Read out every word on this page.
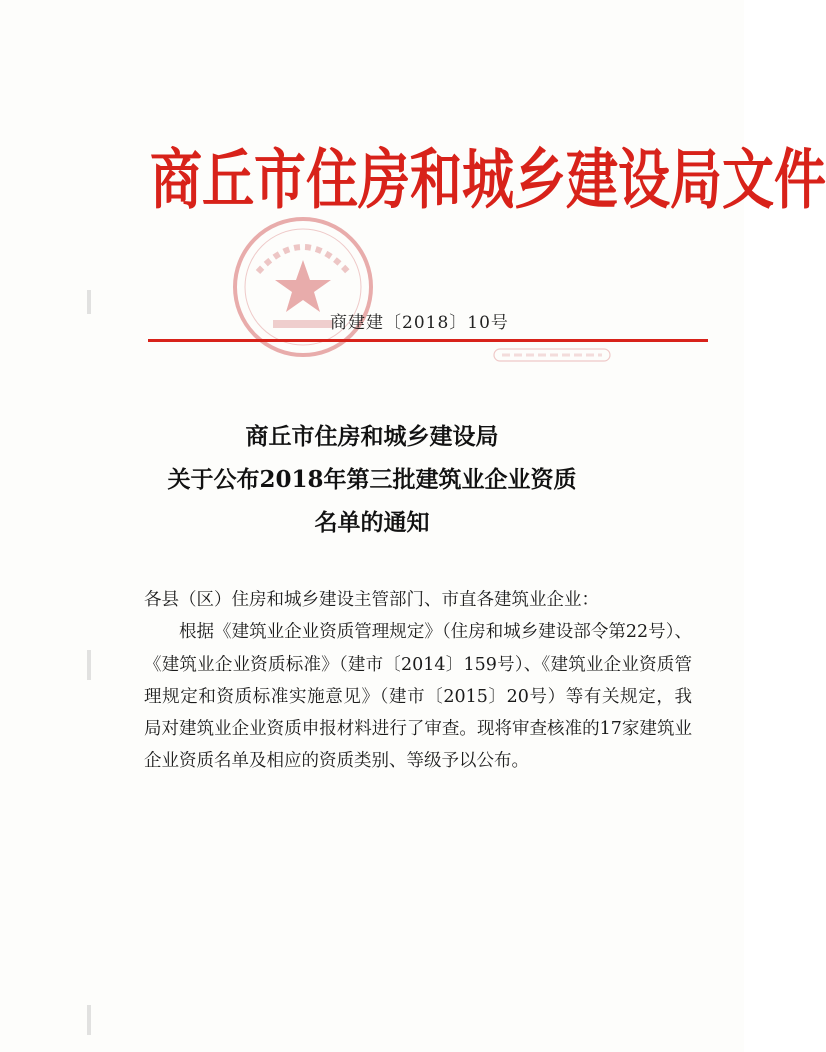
商丘市住房和城乡建设局文件
商建建〔2018〕10号
商丘市住房和城乡建设局
关于公布2018年第三批建筑业企业资质
名单的通知
各县（区）住房和城乡建设主管部门、市直各建筑业企业：
根据《建筑业企业资质管理规定》（住房和城乡建设部令第22号）、《建筑业企业资质标准》（建市〔2014〕159号）、《建筑业企业资质管理规定和资质标准实施意见》（建市〔2015〕20号）等有关规定，我局对建筑业企业资质申报材料进行了审查。现将审查核准的17家建筑业企业资质名单及相应的资质类别、等级予以公布。
